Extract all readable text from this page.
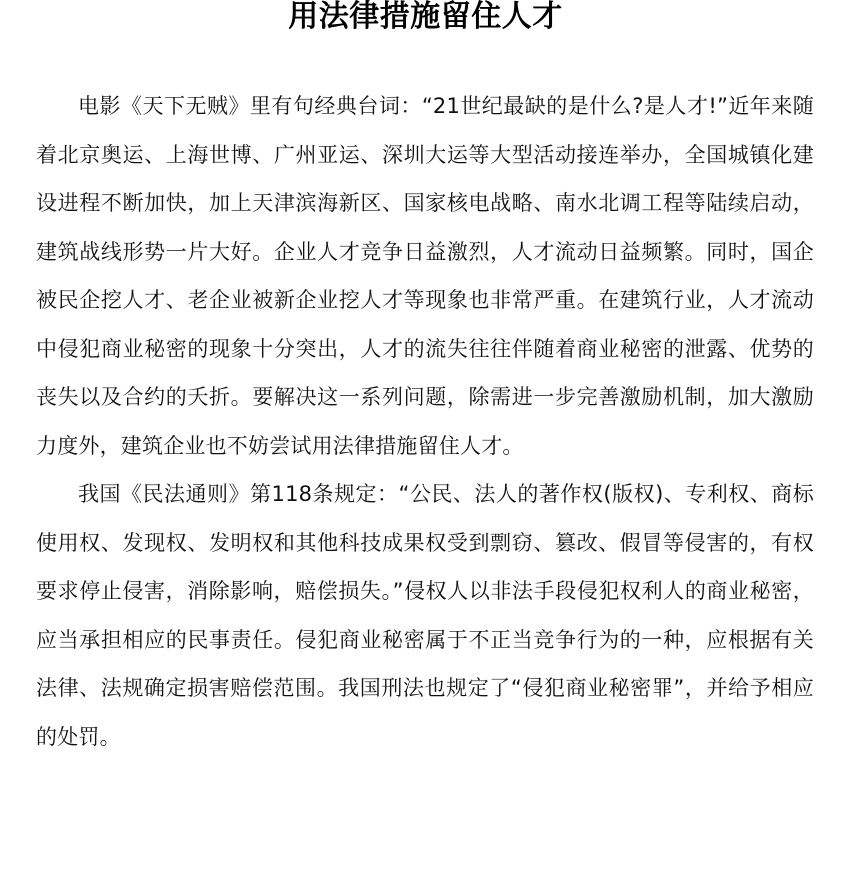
用法律措施留住人才

电影《天下无贼》里有句经典台词：“21世纪最缺的是什么?是人才!”近年来随着北京奥运、上海世博、广州亚运、深圳大运等大型活动接连举办，全国城镇化建设进程不断加快，加上天津滨海新区、国家核电战略、南水北调工程等陆续启动，建筑战线形势一片大好。企业人才竞争日益激烈，人才流动日益频繁。同时，国企被民企挖人才、老企业被新企业挖人才等现象也非常严重。在建筑行业，人才流动中侵犯商业秘密的现象十分突出，人才的流失往往伴随着商业秘密的泄露、优势的丧失以及合约的夭折。要解决这一系列问题，除需进一步完善激励机制，加大激励力度外，建筑企业也不妨尝试用法律措施留住人才。

我国《民法通则》第118条规定：“公民、法人的著作权(版权)、专利权、商标使用权、发现权、发明权和其他科技成果权受到剽窃、篡改、假冒等侵害的，有权要求停止侵害，消除影响，赔偿损失。”侵权人以非法手段侵犯权利人的商业秘密，应当承担相应的民事责任。侵犯商业秘密属于不正当竞争行为的一种，应根据有关法律、法规确定损害赔偿范围。我国刑法也规定了“侵犯商业秘密罪”，并给予相应的处罚。
